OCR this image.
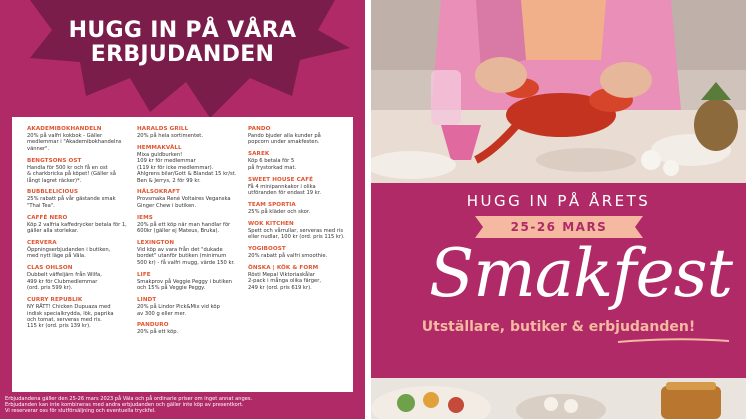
HUGG IN PÅ VÅRA
ERBJUDANDEN
AKADEMIBOKHANDELN
20% på valfri kokbok - Gäller
medlemmar i "Akademibokhandelns
vänner".
BENGTSONS OST
Handla för 500 kr och få en ost
& charkbricka på köpet! (Gäller så
långt lagret räcker)*.
BUBBLELICIOUS
25% rabatt på vår gästande smak
"Thai Tea".
CAFFÉ NERO
Köp 2 valfria kaffedrycker betala för 1,
gäller alla storlekar.
CERVERA
Öppningserbjudanden i butiken,
med nytt läge på Väla.
CLAS OHLSON
Dubbelt väffeljärn från Wilfa,
499 kr för Clubmedlemmar
(ord. pris 599 kr).
CURRY REPUBLIK
NY RÄTT! Chicken Dupuaza med
indisk specialkryddа, lök, paprika
och tomat, serveras med ris.
115 kr (ord. pris 139 kr).
HARALDS GRILL
20% på hela sortimentet.
HEMMAKVÄLL
Mixa guldburken!
109 kr för medlemmar
(119 kr för icke medlemmar).
Ahlgrens bilar/Gott & Blandat 15 kr/st.
Ben & Jerrys, 2 för 99 kr.
HÄLSOKRAFT
Provsmaka René Voltaires Veganska
Ginger Chew i butiken.
IEMS
20% på ett köp när man handlar för
600kr (gäller ej Mateus, Bruka).
LEXINGTON
Vid köp av vara från det "dukade
bordet" utanför butiken (minimum
500 kr) - få valfri mugg, värde 150 kr.
LIFE
Smakprov på Veggie Peggy i butiken
och 15% på Veggie Peggy.
LINDT
20% på Lindor Pick&Mix vid köp
av 300 g eller mer.
PANDURO
20% på ett köp.
PANDO
Pando bjuder alla kunder på
popcorn under smakfesten.
SAREK
Köp 6 betala för 5
på frystorkad mat.
SWEET HOUSE CAFÉ
Få 4 minipannkakor i olika
utföranden för endast 19 kr.
TEAM SPORTIA
25% på kläder och skor.
WOK KITCHEN
Spett och vårrullar, serveras med ris
eller nudlar, 100 kr (ord. pris 115 kr).
YOGIBOOST
20% rabatt på valfri smoothie.
ÖNSKA | KÖK & FORM
Rösti Mepal Viktoriaskålar
2-pack i många olika färger,
249 kr (ord. pris 619 kr).
Erbjudandena gäller den 25-26 mars 2023 på Väla och på ordinarie priser om inget annat anges.
Erbjudanden kan inte kombineras med andra erbjudanden och gäller inte köp av presentkort.
Vi reserverar oss för slutförsäljning och eventuella tryckfel.
HUGG IN PÅ ÅRETS
25-26 MARS
Smakfest
Utställare, butiker & erbjudanden!
